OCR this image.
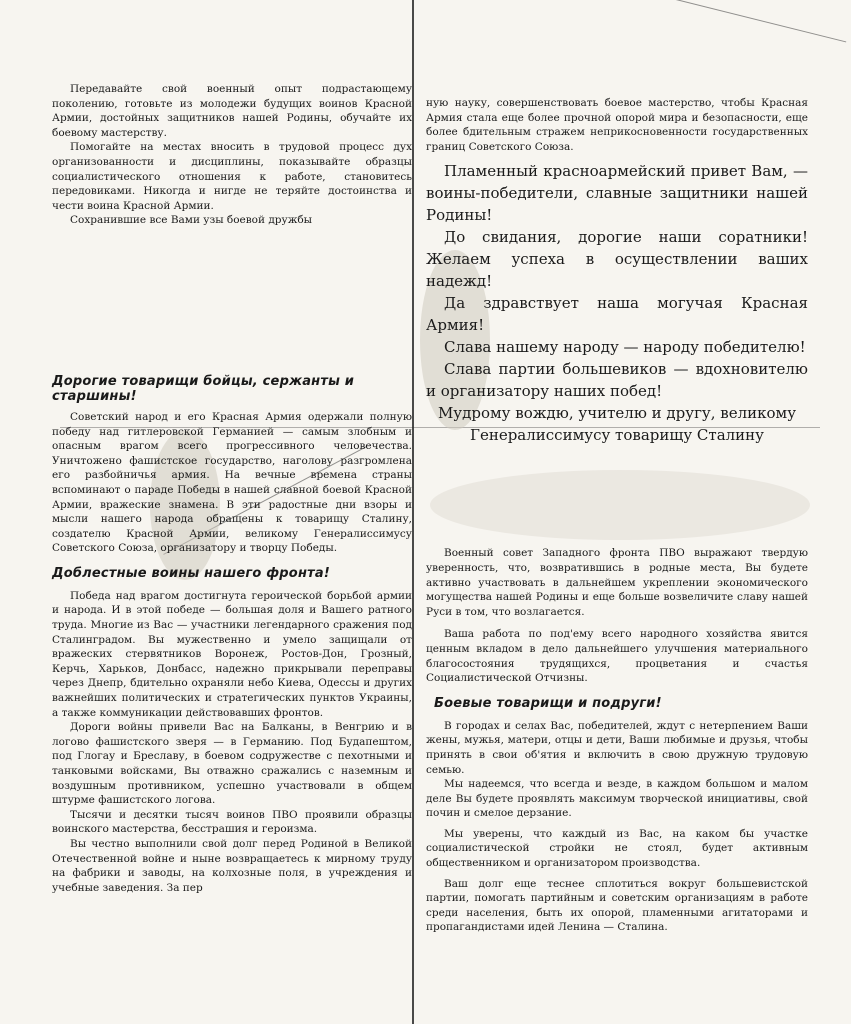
Передавайте свой военный опыт подрастающему поколению, готовьте из молодежи будущих воинов Красной Армии, достойных защитников нашей Родины, обучайте их боевому мастерству.

Помогайте на местах вносить в трудовой процесс дух организованности и дисциплины, показывайте образцы социалистического отношения к работе, становитесь передовиками. Никогда и нигде не теряйте достоинства и чести воина Красной Армии.

Сохранившие все Вами узы боевой дружбы

Дорогие товарищи бойцы, сержанты и старшины!

Советский народ и его Красная Армия одержали полную победу над гитлеровской Германией — самым злобным и опасным врагом всего прогрессивного человечества. Уничтожено фашистское государство, наголову разгромлена его разбойничья армия. На вечные времена страны вспоминают о параде Победы в нашей славной боевой Красной Армии, вражеские знамена. В эти радостные дни взоры и мысли нашего народа обращены к товарищу Сталину, создателю Красной Армии, великому Генералиссимусу Советского Союза, организатору и творцу Победы.

Доблестные воины нашего фронта!

Победа над врагом достигнута героической борьбой армии и народа. И в этой победе — большая доля и Вашего ратного труда. Многие из Вас — участники легендарного сражения под Сталинградом. Вы мужественно и умело защищали от вражеских стервятников Воронеж, Ростов-Дон, Грозный, Керчь, Харьков, Донбасс, надежно прикрывали переправы через Днепр, бдительно охраняли небо Киева, Одессы и других важнейших политических и стратегических пунктов Украины, а также коммуникации действовавших фронтов.

Дороги войны привели Вас на Балканы, в Венгрию и в логово фашистского зверя — в Германию. Под Будапештом, под Глогау и Бреславу, в боевом содружестве с пехотными и танковыми войсками, Вы отважно сражались с наземным и воздушным противником, успешно участвовали в общем штурме фашистского логова.

Тысячи и десятки тысяч воинов ПВО проявили образцы воинского мастерства, бесстрашия и героизма.

Вы честно выполнили свой долг перед Родиной в Великой Отечественной войне и ныне возвращаетесь к мирному труду на фабрики и заводы, на колхозные поля, в учреждения и учебные заведения. За пер

ную науку, совершенствовать боевое мастерство, чтобы Красная Армия стала еще более прочной опорой мира и безопасности, еще более бдительным стражем неприкосновенности государственных границ Советского Союза.

Пламенный красноармейский привет Вам, — воины-победители, славные защитники нашей Родины!

До свидания, дорогие наши соратники! Желаем успеха в осуществлении ваших надежд!

Да здравствует наша могучая Красная Армия!

Слава нашему народу — народу победителю!

Слава партии большевиков — вдохновителю и организатору наших побед!

Мудрому вождю, учителю и другу, великому Генералиссимусу товарищу Сталину

Военный совет Западного фронта ПВО выражают твердую уверенность, что, возвратившись в родные места, Вы будете активно участвовать в дальнейшем укреплении экономического могущества нашей Родины и еще больше возвеличите славу нашей Руси в том, что возлагается.

Ваша работа по под'ему всего народного хозяйства явится ценным вкладом в дело дальнейшего улучшения материального благосостояния трудящихся, процветания и счастья Социалистической Отчизны.

Боевые товарищи и подруги!

В городах и селах Вас, победителей, ждут с нетерпением Ваши жены, мужья, матери, отцы и дети, Ваши любимые и друзья, чтобы принять в свои об'ятия и включить в свою дружную трудовую семью.

Мы надеемся, что всегда и везде, в каждом большом и малом деле Вы будете проявлять максимум творческой инициативы, свой почин и смелое дерзание.

Мы уверены, что каждый из Вас, на каком бы участке социалистической стройки не стоял, будет активным общественником и организатором производства.

Ваш долг еще теснее сплотиться вокруг большевистской партии, помогать партийным и советским организациям в работе среди населения, быть их опорой, пламенными агитаторами и пропагандистами идей Ленина — Сталина.
